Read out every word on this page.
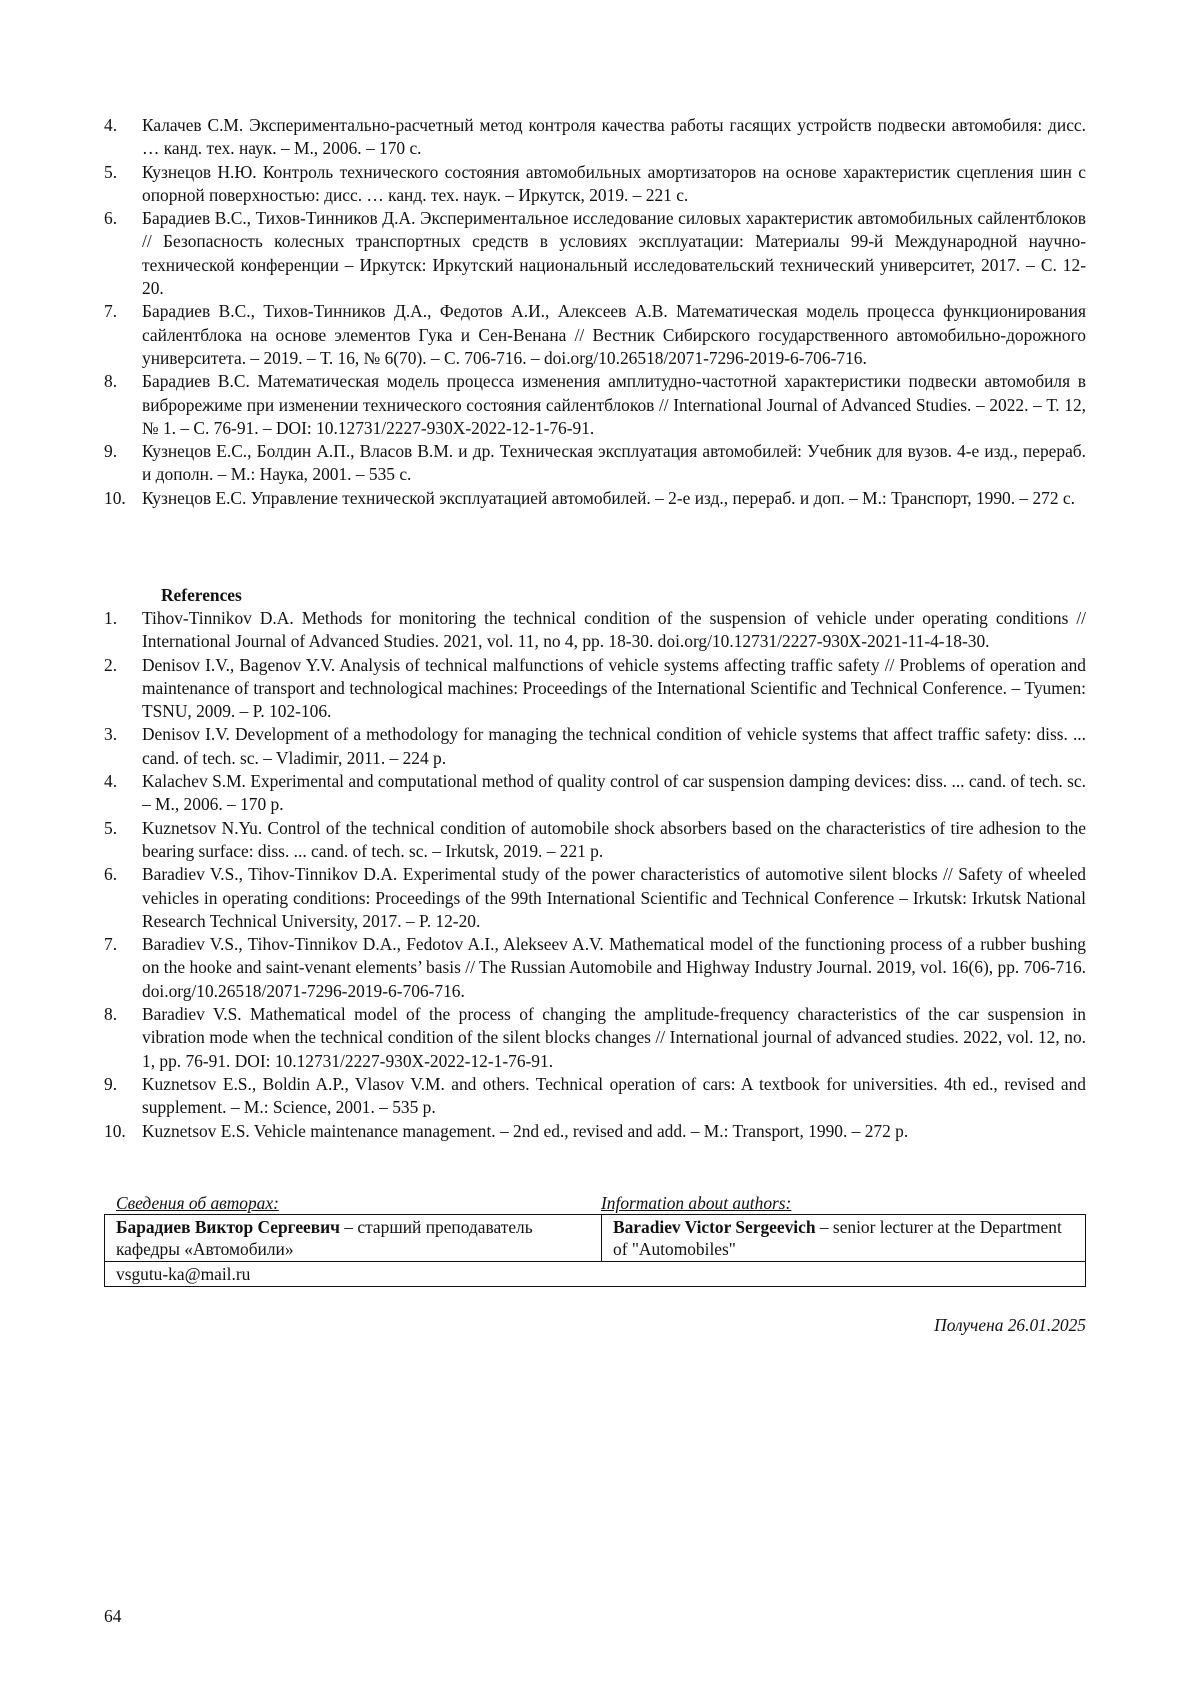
4. Калачев С.М. Экспериментально-расчетный метод контроля качества работы гасящих устройств подвески автомобиля: дисс. … канд. тех. наук. – М., 2006. – 170 с.
5. Кузнецов Н.Ю. Контроль технического состояния автомобильных амортизаторов на основе характеристик сцепления шин с опорной поверхностью: дисс. … канд. тех. наук. – Иркутск, 2019. – 221 с.
6. Барадиев В.С., Тихов-Тинников Д.А. Экспериментальное исследование силовых характеристик автомобильных сайлентблоков // Безопасность колесных транспортных средств в условиях эксплуатации: Материалы 99-й Международной научно-технической конференции – Иркутск: Иркутский национальный исследовательский технический университет, 2017. – С. 12-20.
7. Барадиев В.С., Тихов-Тинников Д.А., Федотов А.И., Алексеев А.В. Математическая модель процесса функционирования сайлентблока на основе элементов Гука и Сен-Венана // Вестник Сибирского государственного автомобильно-дорожного университета. – 2019. – Т. 16, № 6(70). – С. 706-716. – doi.org/10.26518/2071-7296-2019-6-706-716.
8. Барадиев В.С. Математическая модель процесса изменения амплитудно-частотной характеристики подвески автомобиля в виброрежиме при изменении технического состояния сайлентблоков // International Journal of Advanced Studies. – 2022. – Т. 12, № 1. – С. 76-91. – DOI: 10.12731/2227-930X-2022-12-1-76-91.
9. Кузнецов Е.С., Болдин А.П., Власов В.М. и др. Техническая эксплуатация автомобилей: Учебник для вузов. 4-е изд., перераб. и дополн. – М.: Наука, 2001. – 535 с.
10. Кузнецов Е.С. Управление технической эксплуатацией автомобилей. – 2-е изд., перераб. и доп. – М.: Транспорт, 1990. – 272 с.
References
1. Tihov-Tinnikov D.A. Methods for monitoring the technical condition of the suspension of vehicle under operating conditions // International Journal of Advanced Studies. 2021, vol. 11, no 4, pp. 18-30. doi.org/10.12731/2227-930X-2021-11-4-18-30.
2. Denisov I.V., Bagenov Y.V. Analysis of technical malfunctions of vehicle systems affecting traffic safety // Problems of operation and maintenance of transport and technological machines: Proceedings of the International Scientific and Technical Conference. – Tyumen: TSNU, 2009. – P. 102-106.
3. Denisov I.V. Development of a methodology for managing the technical condition of vehicle systems that affect traffic safety: diss. ... cand. of tech. sc. – Vladimir, 2011. – 224 p.
4. Kalachev S.M. Experimental and computational method of quality control of car suspension damping devices: diss. ... cand. of tech. sc. – M., 2006. – 170 p.
5. Kuznetsov N.Yu. Control of the technical condition of automobile shock absorbers based on the characteristics of tire adhesion to the bearing surface: diss. ... cand. of tech. sc. – Irkutsk, 2019. – 221 p.
6. Baradiev V.S., Tihov-Tinnikov D.A. Experimental study of the power characteristics of automotive silent blocks // Safety of wheeled vehicles in operating conditions: Proceedings of the 99th International Scientific and Technical Conference – Irkutsk: Irkutsk National Research Technical University, 2017. – P. 12-20.
7. Baradiev V.S., Tihov-Tinnikov D.A., Fedotov A.I., Alekseev A.V. Mathematical model of the functioning process of a rubber bushing on the hooke and saint-venant elements’ basis // The Russian Automobile and Highway Industry Journal. 2019, vol. 16(6), pp. 706-716. doi.org/10.26518/2071-7296-2019-6-706-716.
8. Baradiev V.S. Mathematical model of the process of changing the amplitude-frequency characteristics of the car suspension in vibration mode when the technical condition of the silent blocks changes // International journal of advanced studies. 2022, vol. 12, no. 1, pp. 76-91. DOI: 10.12731/2227-930X-2022-12-1-76-91.
9. Kuznetsov E.S., Boldin A.P., Vlasov V.M. and others. Technical operation of cars: A textbook for universities. 4th ed., revised and supplement. – M.: Science, 2001. – 535 p.
10. Kuznetsov E.S. Vehicle maintenance management. – 2nd ed., revised and add. – M.: Transport, 1990. – 272 p.
Сведения об авторах:	Information about authors:
Барадиев Виктор Сергеевич – старший преподаватель кафедры «Автомобили»	Baradiev Victor Sergeevich – senior lecturer at the Department of "Automobiles"
vsgutu-ka@mail.ru
Получена 26.01.2025
64
